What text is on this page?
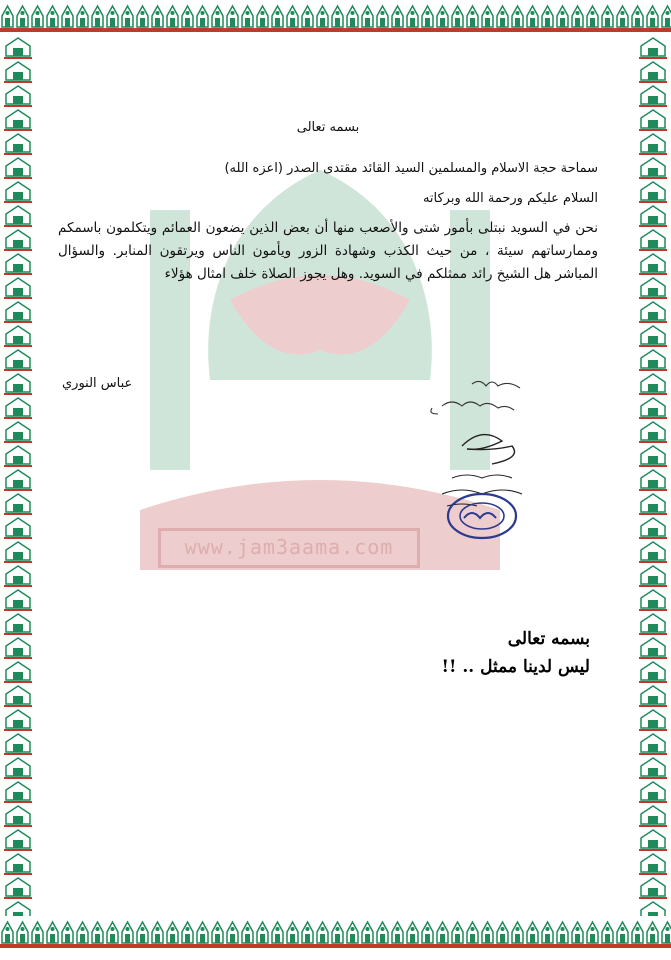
www.jam3aama.com
بسمه تعالى
سماحة حجة الاسلام والمسلمين السيد القائد مقتدى الصدر (اعزه الله)
السلام عليكم ورحمة الله وبركاته
نحن في السويد نبتلى بأمور شتى والأصعب منها أن بعض الذين يضعون العمائم ويتكلمون باسمكم وممارساتهم سيئة ، من حيث الكذب وشهادة الزور ويأمون الناس ويرتقون المنابر. والسؤال المباشر هل الشيخ رائد ممثلكم في السويد. وهل يجوز الصلاة خلف امثال هؤلاء
عباس النوري
بسمه تعالى
ليس لدينا ممثل .. !!
